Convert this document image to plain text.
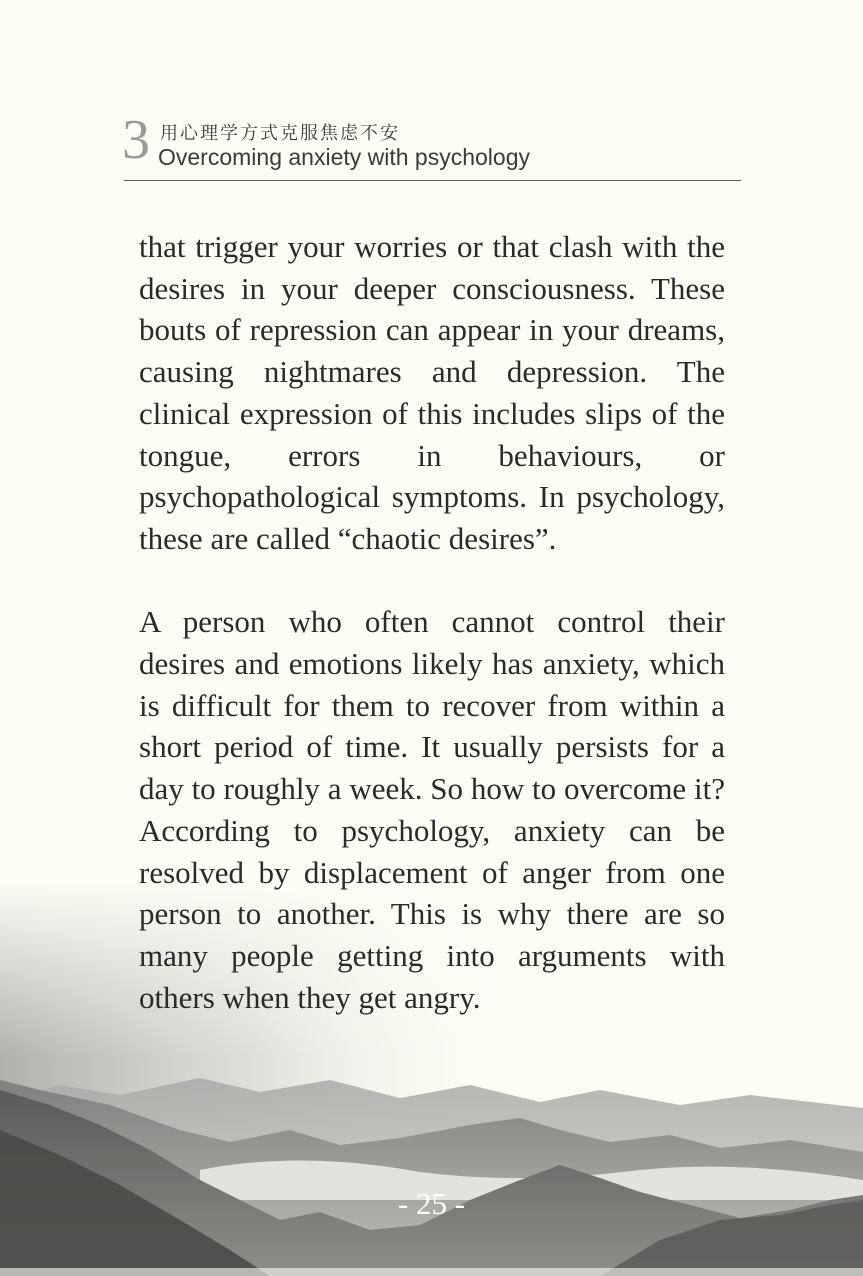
3 用心理学方式克服焦虑不安
Overcoming anxiety with psychology

that trigger your worries or that clash with the desires in your deeper consciousness. These bouts of repression can appear in your dreams, causing nightmares and depression. The clinical expression of this includes slips of the tongue, errors in behaviours, or psychopathological symptoms. In psychology, these are called “chaotic desires”.

A person who often cannot control their desires and emotions likely has anxiety, which is difficult for them to recover from within a short period of time. It usually persists for a day to roughly a week. So how to overcome it? According to psychology, anxiety can be resolved by displacement of anger from one person to another. This is why there are so many people getting into arguments with others when they get angry.

- 25 -
